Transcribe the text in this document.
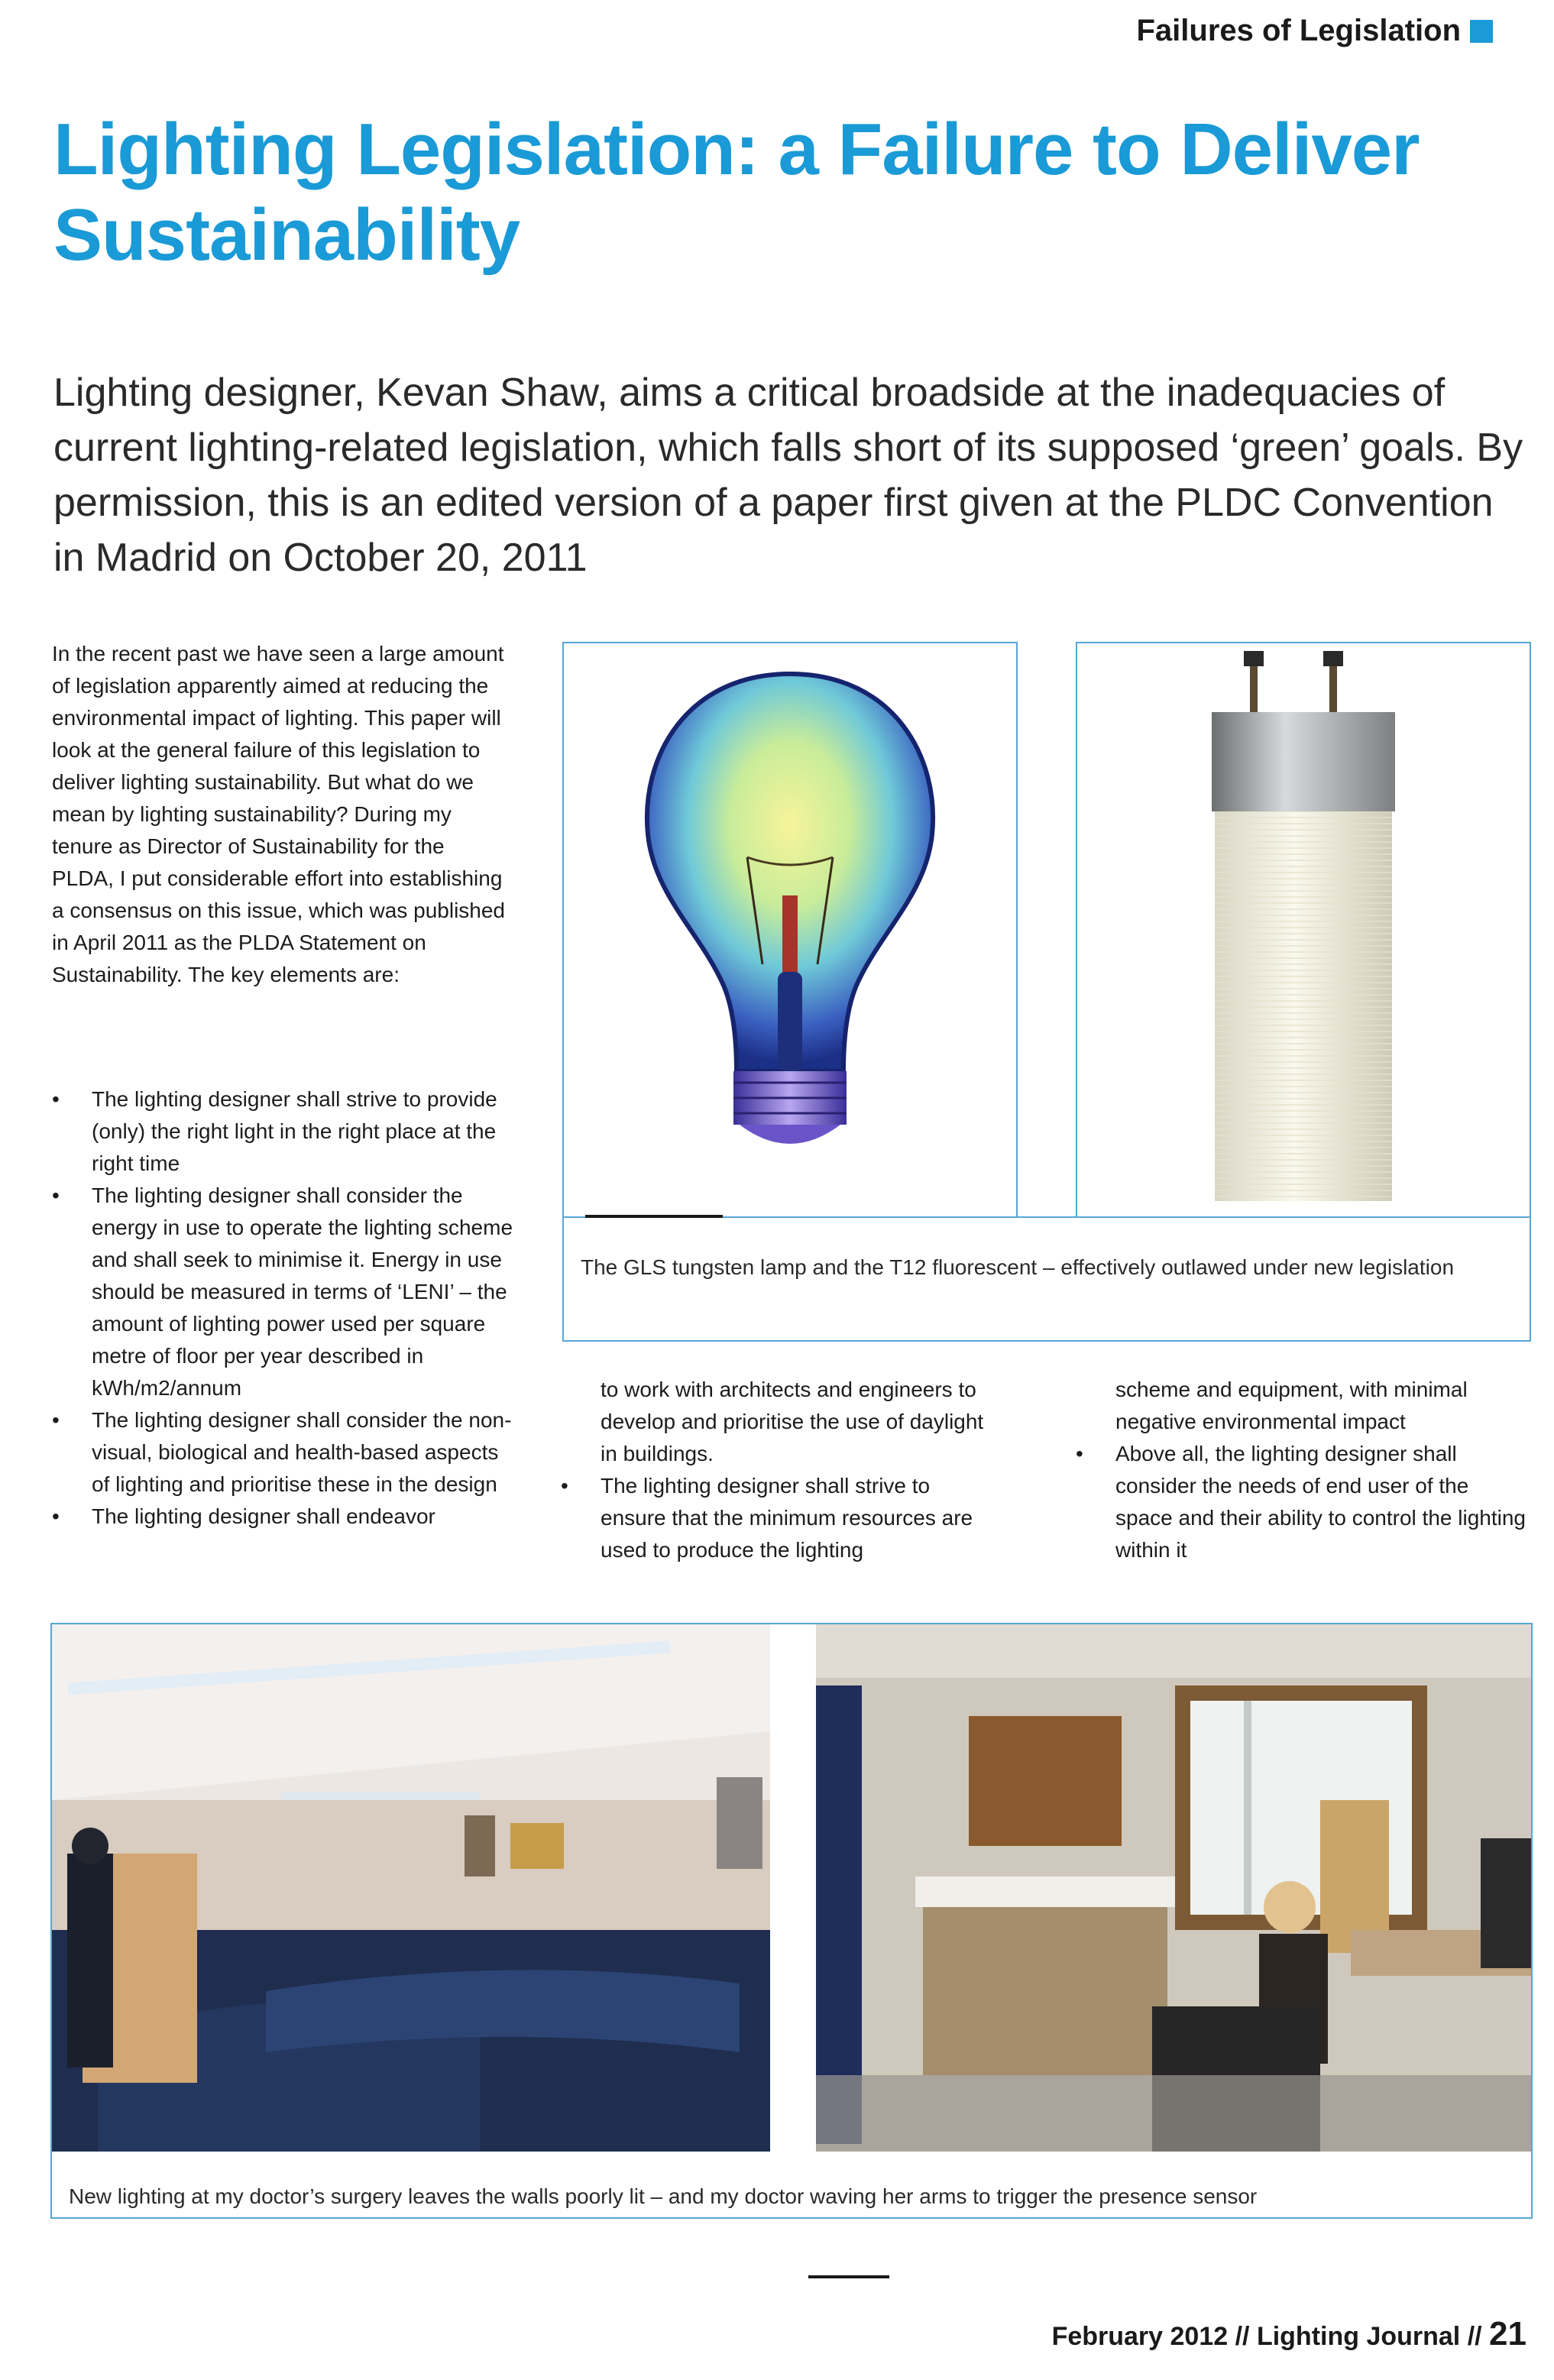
Failures of Legislation
Lighting Legislation: a Failure to Deliver Sustainability
Lighting designer, Kevan Shaw, aims a critical broadside at the inadequacies of current lighting-related legislation, which falls short of its supposed ‘green’ goals. By permission, this is an edited version of a paper first given at the PLDC Convention in Madrid on October 20, 2011
In the recent past we have seen a large amount of legislation apparently aimed at reducing the environmental impact of lighting. This paper will look at the general failure of this legislation to deliver lighting sustainability. But what do we mean by lighting sustainability? During my tenure as Director of Sustainability for the PLDA, I put considerable effort into establishing a consensus on this issue, which was published in April 2011 as the PLDA Statement on Sustainability. The key elements are:
•	The lighting designer shall strive to provide (only) the right light in the right place at the right time
•	The lighting designer shall consider the energy in use to operate the lighting scheme and shall seek to minimise it. Energy in use should be measured in terms of ‘LENI’ – the amount of lighting power used per square metre of floor per year described in kWh/m2/annum
•	The lighting designer shall consider the non-visual, biological and health-based aspects of lighting and prioritise these in the design
•	The lighting designer shall endeavor
to work with architects and engineers to develop and prioritise the use of daylight in buildings.
•	The lighting designer shall strive to ensure that the minimum resources are used to produce the lighting
scheme and equipment, with minimal negative environmental impact
•	Above all, the lighting designer shall consider the needs of end user of the space and their ability to control the lighting within it
The GLS tungsten lamp and the T12 fluorescent – effectively outlawed under new legislation
New lighting at my doctor’s surgery leaves the walls poorly lit – and my doctor waving her arms to trigger the presence sensor
February 2012 // Lighting Journal // 21
